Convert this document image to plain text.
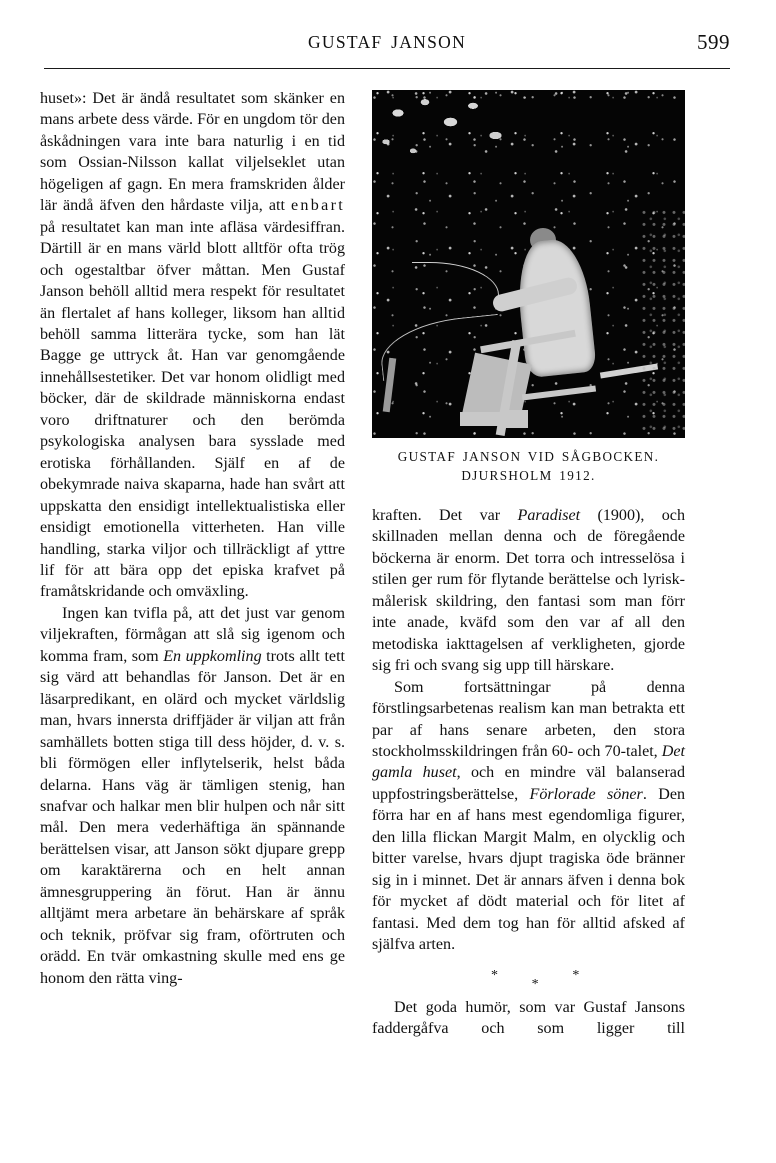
GUSTAF JANSON	599
GUSTAF JANSON VID SÅGBOCKEN.
DJURSHOLM 1912.

huset»: Det är ändå resultatet som skänker en mans arbete dess värde. För en ungdom tör den åskådningen vara inte bara naturlig i en tid som Ossian-Nilsson kallat viljelseklet utan högeligen af gagn. En mera framskriden ålder lär ändå äfven den hårdaste vilja, att enbart på resultatet kan man inte afläsa värdesiffran. Därtill är en mans värld blott alltför ofta trög och ogestaltbar öfver måttan. Men Gustaf Janson behöll alltid mera respekt för resultatet än flertalet af hans kolleger, liksom han alltid behöll samma litterära tycke, som han lät Bagge ge uttryck åt. Han var genomgående innehållsestetiker. Det var honom olidligt med böcker, där de skildrade människorna endast voro driftnaturer och den berömda psykologiska analysen bara sysslade med erotiska förhållanden. Själf en af de obekymrade naiva skaparna, hade han svårt att uppskatta den ensidigt intellektualistiska eller ensidigt emotionella vitterheten. Han ville handling, starka viljor och tillräckligt af yttre lif för att bära opp det episka krafvet på framåtskridande och omväxling.

Ingen kan tvifla på, att det just var genom viljekraften, förmågan att slå sig igenom och komma fram, som En uppkomling trots allt tett sig värd att behandlas för Janson. Det är en läsarpredikant, en olärd och mycket världslig man, hvars innersta driffjäder är viljan att från samhällets botten stiga till dess höjder, d. v. s. bli förmögen eller inflytelserik, helst båda delarna. Hans väg är tämligen stenig, han snafvar och halkar men blir hulpen och når sitt mål. Den mera vederhäftiga än spännande berättelsen visar, att Janson sökt djupare grepp om karaktärerna och en helt annan ämnesgruppering än förut. Han är ännu alltjämt mera arbetare än behärskare af språk och teknik, pröfvar sig fram, oförtruten och orädd. En tvär omkastning skulle med ens ge honom den rätta ving-

kraften. Det var Paradiset (1900), och skillnaden mellan denna och de föregående böckerna är enorm. Det torra och intresselösa i stilen ger rum för flytande berättelse och lyrisk-målerisk skildring, den fantasi som man förr inte anade, kväfd som den var af all den metodiska iakttagelsen af verkligheten, gjorde sig fri och svang sig upp till härskare.

Som fortsättningar på denna förstlingsarbetenas realism kan man betrakta ett par af hans senare arbeten, den stora stockholmsskildringen från 60- och 70-talet, Det gamla huset, och en mindre väl balanserad uppfostringsberättelse, Förlorade söner. Den förra har en af hans mest egendomliga figurer, den lilla flickan Margit Malm, en olycklig och bitter varelse, hvars djupt tragiska öde bränner sig in i minnet. Det är annars äfven i denna bok för mycket af dödt material och för litet af fantasi. Med dem tog han för alltid afsked af själfva arten.

*
*
*

Det goda humör, som var Gustaf Jansons faddergåfva och som ligger till
